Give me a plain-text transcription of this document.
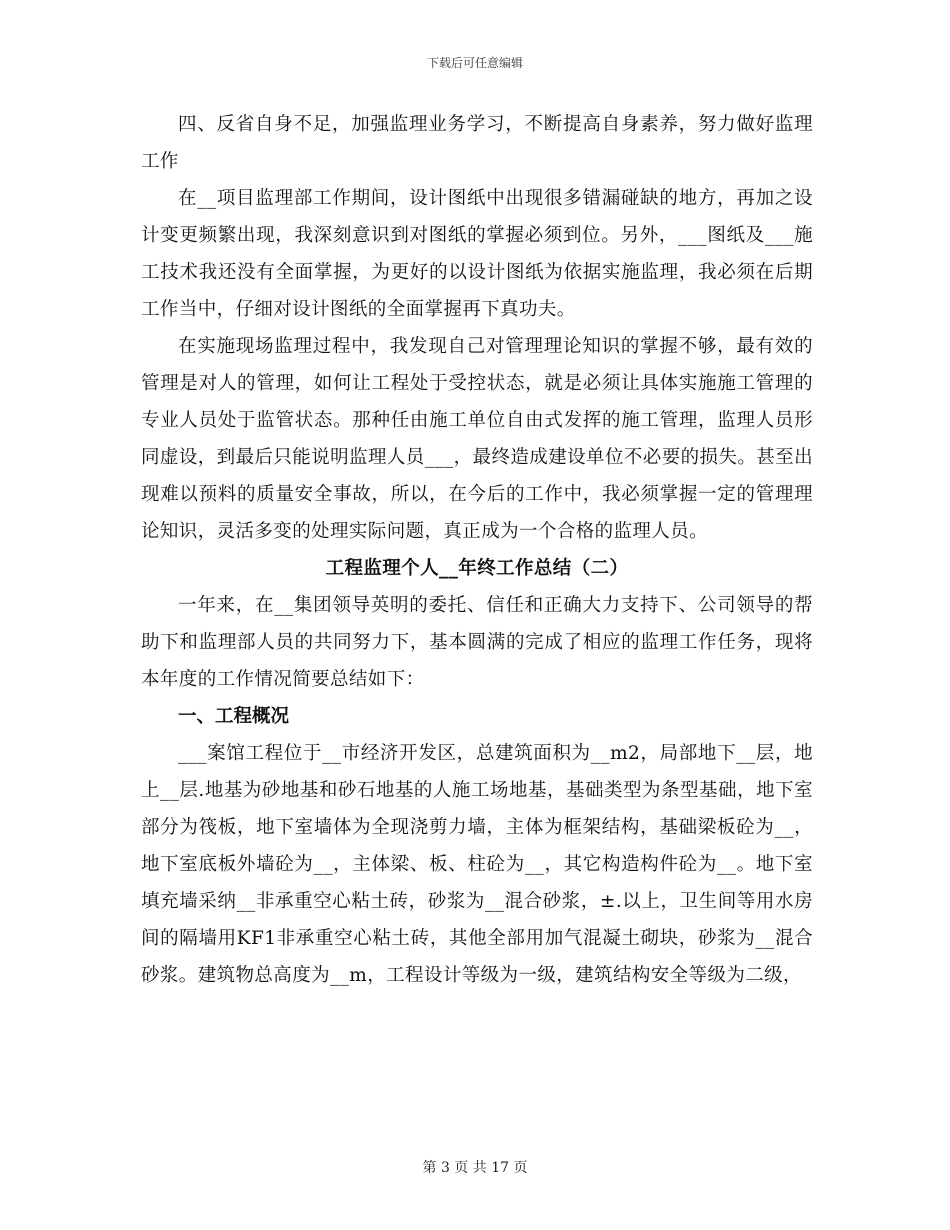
下载后可任意编辑

四、反省自身不足，加强监理业务学习，不断提高自身素养，努力做好监理工作

在__项目监理部工作期间，设计图纸中出现很多错漏碰缺的地方，再加之设计变更频繁出现，我深刻意识到对图纸的掌握必须到位。另外，___图纸及___施工技术我还没有全面掌握，为更好的以设计图纸为依据实施监理，我必须在后期工作当中，仔细对设计图纸的全面掌握再下真功夫。

在实施现场监理过程中，我发现自己对管理理论知识的掌握不够，最有效的管理是对人的管理，如何让工程处于受控状态，就是必须让具体实施施工管理的专业人员处于监管状态。那种任由施工单位自由式发挥的施工管理，监理人员形同虚设，到最后只能说明监理人员___，最终造成建设单位不必要的损失。甚至出现难以预料的质量安全事故，所以，在今后的工作中，我必须掌握一定的管理理论知识，灵活多变的处理实际问题，真正成为一个合格的监理人员。

工程监理个人__年终工作总结（二）

一年来，在__集团领导英明的委托、信任和正确大力支持下、公司领导的帮助下和监理部人员的共同努力下，基本圆满的完成了相应的监理工作任务，现将本年度的工作情况简要总结如下：

一、工程概况

___案馆工程位于__市经济开发区，总建筑面积为__m2，局部地下__层，地上__层.地基为砂地基和砂石地基的人施工场地基，基础类型为条型基础，地下室部分为筏板，地下室墙体为全现浇剪力墙，主体为框架结构，基础梁板砼为__，地下室底板外墙砼为__，主体梁、板、柱砼为__，其它构造构件砼为__。地下室填充墙采纳__非承重空心粘土砖，砂浆为__混合砂浆，±.以上，卫生间等用水房间的隔墙用KF1非承重空心粘土砖，其他全部用加气混凝土砌块，砂浆为__混合砂浆。建筑物总高度为__m，工程设计等级为一级，建筑结构安全等级为二级，

第 3 页 共 17 页
